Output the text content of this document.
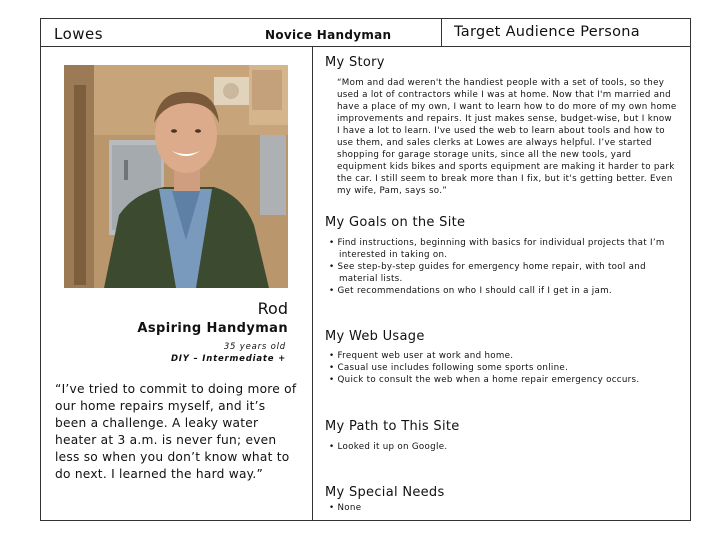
Lowes	Novice Handyman	Target Audience Persona
Rod
Aspiring Handyman
35 years old
DIY – Intermediate +
“I’ve tried to commit to doing more of our home repairs myself, and it’s been a challenge. A leaky water heater at 3 a.m. is never fun; even less so when you don’t know what to do next. I learned the hard way.”
My Story
“Mom and dad weren't the handiest people with a set of tools, so they used a lot of contractors while I was at home. Now that I'm married and have a place of my own, I want to learn how to do more of my own home improvements and repairs. It just makes sense, budget-wise, but I know I have a lot to learn. I've used the web to learn about tools and how to use them, and sales clerks at Lowes are always helpful. I’ve started shopping for garage storage units, since all the new tools, yard equipment kids bikes and sports equipment are making it harder to park the car. I still seem to break more than I fix, but it's getting better. Even my wife, Pam, says so.”
My Goals on the Site
• Find instructions, beginning with basics for individual projects that I’m interested in taking on.
• See step-by-step guides for emergency home repair, with tool and material lists.
• Get recommendations on who I should call if I get in a jam.
My Web Usage
• Frequent web user at work and home.
• Casual use includes following some sports online.
• Quick to consult the web when a home repair emergency occurs.
My Path to This Site
• Looked it up on Google.
My Special Needs
• None
